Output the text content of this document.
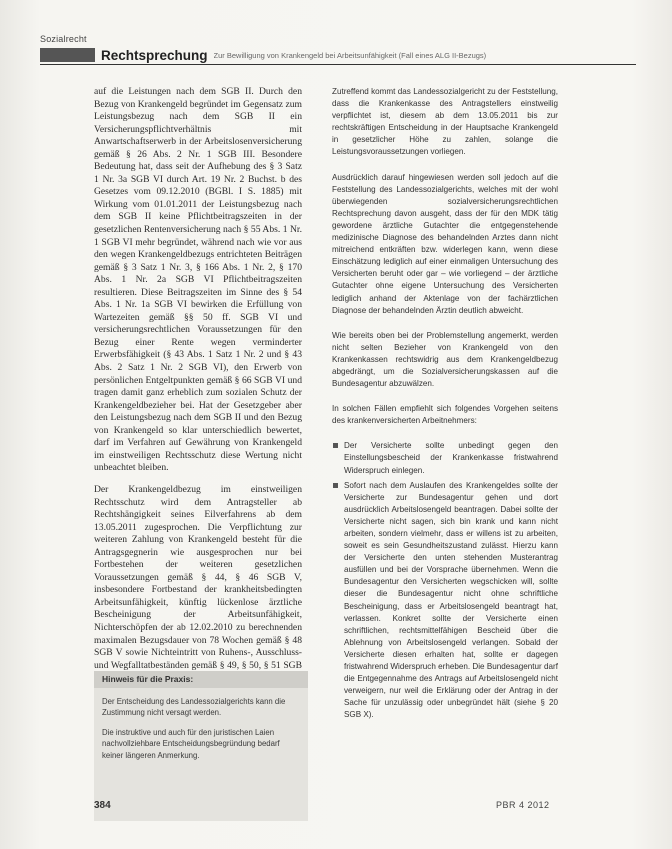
Sozialrecht
Rechtsprechung Zur Bewilligung von Krankengeld bei Arbeitsunfähigkeit (Fall eines ALG II-Bezugs)

auf die Leistungen nach dem SGB II. Durch den Bezug von Krankengeld begründet im Gegensatz zum Leistungsbezug nach dem SGB II ein Versicherungspflichtverhältnis mit Anwartschaftserwerb in der Arbeitslosenversicherung gemäß § 26 Abs. 2 Nr. 1 SGB III. Besondere Bedeutung hat, dass seit der Aufhebung des § 3 Satz 1 Nr. 3a SGB VI durch Art. 19 Nr. 2 Buchst. b des Gesetzes vom 09.12.2010 (BGBl. I S. 1885) mit Wirkung vom 01.01.2011 der Leistungsbezug nach dem SGB II keine Pflichtbeitragszeiten in der gesetzlichen Rentenversicherung nach § 55 Abs. 1 Nr. 1 SGB VI mehr begründet, während nach wie vor aus den wegen Krankengeldbezugs entrichteten Beiträgen gemäß § 3 Satz 1 Nr. 3, § 166 Abs. 1 Nr. 2, § 170 Abs. 1 Nr. 2a SGB VI Pflichtbeitragszeiten resultieren. Diese Beitragszeiten im Sinne des § 54 Abs. 1 Nr. 1a SGB VI bewirken die Erfüllung von Wartezeiten gemäß §§ 50 ff. SGB VI und versicherungsrechtlichen Voraussetzungen für den Bezug einer Rente wegen verminderter Erwerbsfähigkeit (§ 43 Abs. 1 Satz 1 Nr. 2 und § 43 Abs. 2 Satz 1 Nr. 2 SGB VI), den Erwerb von persönlichen Entgeltpunkten gemäß § 66 SGB VI und tragen damit ganz erheblich zum sozialen Schutz der Krankengeldbezieher bei. Hat der Gesetzgeber aber den Leistungsbezug nach dem SGB II und den Bezug von Krankengeld so klar unterschiedlich bewertet, darf im Verfahren auf Gewährung von Krankengeld im einstweiligen Rechtsschutz diese Wertung nicht unbeachtet bleiben.

Der Krankengeldbezug im einstweiligen Rechtsschutz wird dem Antragsteller ab Rechtshängigkeit seines Eilverfahrens ab dem 13.05.2011 zugesprochen. Die Verpflichtung zur weiteren Zahlung von Krankengeld besteht für die Antragsgegnerin wie ausgesprochen nur bei Fortbestehen der weiteren gesetzlichen Voraussetzungen gemäß § 44, § 46 SGB V, insbesondere Fortbestand der krankheitsbedingten Arbeitsunfähigkeit, künftig lückenlose ärztliche Bescheinigung der Arbeitsunfähigkeit, Nichterschöpfen der ab 12.02.2010 zu berechnenden maximalen Bezugsdauer von 78 Wochen gemäß § 48 SGB V sowie Nichteintritt von Ruhens-, Ausschluss- und Wegfalltatbeständen gemäß § 49, § 50, § 51 SGB

Hinweis für die Praxis:

Der Entscheidung des Landessozialgerichts kann die Zustimmung nicht versagt werden.

Die instruktive und auch für den juristischen Laien nachvollziehbare Entscheidungsbegründung bedarf keiner längeren Anmerkung.

Zutreffend kommt das Landessozialgericht zu der Feststellung, dass die Krankenkasse des Antragstellers einstweilig verpflichtet ist, diesem ab dem 13.05.2011 bis zur rechtskräftigen Entscheidung in der Hauptsache Krankengeld in gesetzlicher Höhe zu zahlen, solange die Leistungsvoraussetzungen vorliegen.

Ausdrücklich darauf hingewiesen werden soll jedoch auf die Feststellung des Landessozialgerichts, welches mit der wohl überwiegenden sozialversicherungsrechtlichen Rechtsprechung davon ausgeht, dass der für den MDK tätig gewordene ärztliche Gutachter die entgegenstehende medizinische Diagnose des behandelnden Arztes dann nicht mitreichend entkräften bzw. widerlegen kann, wenn diese Einschätzung lediglich auf einer einmaligen Untersuchung des Versicherten beruht oder gar – wie vorliegend – der ärztliche Gutachter ohne eigene Untersuchung des Versicherten lediglich anhand der Aktenlage von der fachärztlichen Diagnose der behandelnden Ärztin deutlich abweicht.

Wie bereits oben bei der Problemstellung angemerkt, werden nicht selten Bezieher von Krankengeld von den Krankenkassen rechtswidrig aus dem Krankengeldbezug abgedrängt, um die Sozialversicherungskassen auf die Bundesagentur abzuwälzen.

In solchen Fällen empfiehlt sich folgendes Vorgehen seitens des krankenversicherten Arbeitnehmers:

Der Versicherte sollte unbedingt gegen den Einstellungsbescheid der Krankenkasse fristwahrend Widerspruch einlegen.
Sofort nach dem Auslaufen des Krankengeldes sollte der Versicherte zur Bundesagentur gehen und dort ausdrücklich Arbeitslosengeld beantragen. Dabei sollte der Versicherte nicht sagen, sich bin krank und kann nicht arbeiten, sondern vielmehr, dass er willens ist zu arbeiten, soweit es sein Gesundheitszustand zulässt. Hierzu kann der Versicherte den unten stehenden Musterantrag ausfüllen und bei der Vorsprache übernehmen. Wenn die Bundesagentur den Versicherten wegschicken will, sollte dieser die Bundesagentur nicht ohne schriftliche Bescheinigung, dass er Arbeitslosengeld beantragt hat, verlassen. Konkret sollte der Versicherte einen schriftlichen, rechtsmittelfähigen Bescheid über die Ablehnung von Arbeitslosengeld verlangen. Sobald der Versicherte diesen erhalten hat, sollte er dagegen fristwahrend Widerspruch erheben. Die Bundesagentur darf die Entgegennahme des Antrags auf Arbeitslosengeld nicht verweigern, nur weil die Erklärung oder der Antrag in der Sache für unzulässig oder unbegründet hält (siehe § 20 SGB X).
384	PBR 4 2012
